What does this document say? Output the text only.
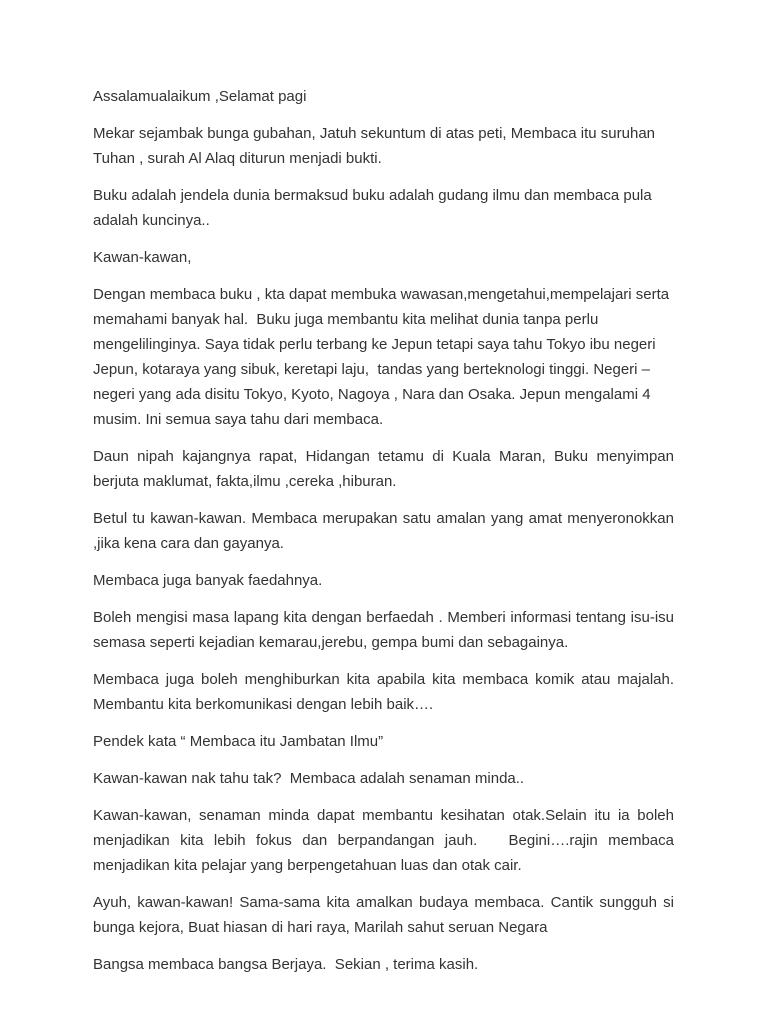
Assalamualaikum ,Selamat pagi

Mekar sejambak bunga gubahan, Jatuh sekuntum di atas peti, Membaca itu suruhan Tuhan , surah Al Alaq diturun menjadi bukti.

Buku adalah jendela dunia bermaksud buku adalah gudang ilmu dan membaca pula adalah kuncinya..

Kawan-kawan,

Dengan membaca buku , kta dapat membuka wawasan,mengetahui,mempelajari serta memahami banyak hal.  Buku juga membantu kita melihat dunia tanpa perlu mengelilinginya. Saya tidak perlu terbang ke Jepun tetapi saya tahu Tokyo ibu negeri Jepun, kotaraya yang sibuk, keretapi laju,  tandas yang berteknologi tinggi. Negeri –negeri yang ada disitu Tokyo, Kyoto, Nagoya , Nara dan Osaka. Jepun mengalami 4 musim. Ini semua saya tahu dari membaca.

Daun nipah kajangnya rapat, Hidangan tetamu di Kuala Maran, Buku menyimpan berjuta maklumat, fakta,ilmu ,cereka ,hiburan.

Betul tu kawan-kawan. Membaca merupakan satu amalan yang amat menyeronokkan ,jika kena cara dan gayanya.

Membaca juga banyak faedahnya.

Boleh mengisi masa lapang kita dengan berfaedah . Memberi informasi tentang isu-isu semasa seperti kejadian kemarau,jerebu, gempa bumi dan sebagainya.

Membaca juga boleh menghiburkan kita apabila kita membaca komik atau majalah. Membantu kita berkomunikasi dengan lebih baik….

Pendek kata “ Membaca itu Jambatan Ilmu”

Kawan-kawan nak tahu tak?  Membaca adalah senaman minda..

Kawan-kawan, senaman minda dapat membantu kesihatan otak.Selain itu ia boleh menjadikan kita lebih fokus dan berpandangan jauh.   Begini….rajin membaca menjadikan kita pelajar yang berpengetahuan luas dan otak cair.

Ayuh, kawan-kawan! Sama-sama kita amalkan budaya membaca. Cantik sungguh si bunga kejora, Buat hiasan di hari raya, Marilah sahut seruan Negara

Bangsa membaca bangsa Berjaya.  Sekian , terima kasih.
